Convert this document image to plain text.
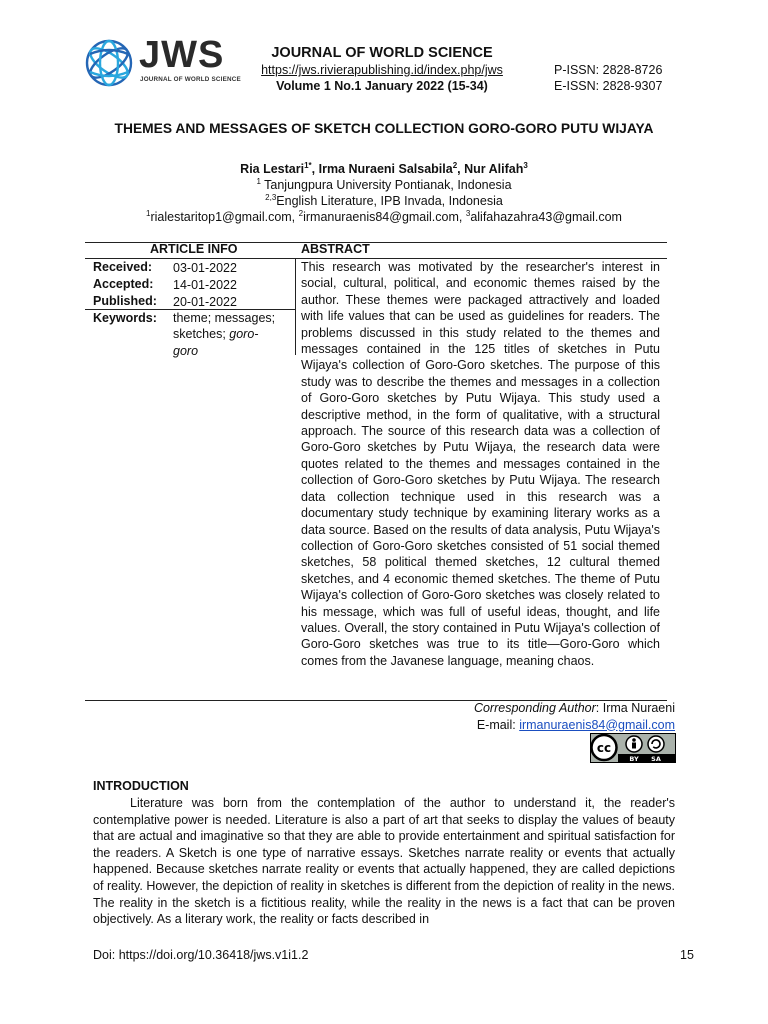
JWS
JOURNAL OF WORLD SCIENCE
JOURNAL OF WORLD SCIENCE
https://jws.rivierapublishing.id/index.php/jws
Volume 1 No.1 January 2022 (15-34)
P-ISSN: 2828-8726
E-ISSN: 2828-9307
THEMES AND MESSAGES OF SKETCH COLLECTION GORO-GORO PUTU WIJAYA
Ria Lestari$^{1*}$, Irma Nuraeni Salsabila$^2$, Nur Alifah$^3$
$^1$ Tanjungpura University Pontianak, Indonesia
$^{2,3}$English Literature, IPB Invada, Indonesia
$^1$rialestaritop1@gmail.com, $^2$irmanuraenis84@gmail.com, $^3$alifahazahra43@gmail.com
ARTICLE INFO	ABSTRACT
Received: 03-01-2022
Accepted: 14-01-2022
Published: 20-01-2022
Keywords: theme; messages; sketches; goro-goro
This research was motivated by the researcher's interest in social, cultural, political, and economic themes raised by the author. These themes were packaged attractively and loaded with life values that can be used as guidelines for readers. The problems discussed in this study related to the themes and messages contained in the 125 titles of sketches in Putu Wijaya's collection of Goro-Goro sketches. The purpose of this study was to describe the themes and messages in a collection of Goro-Goro sketches by Putu Wijaya. This study used a descriptive method, in the form of qualitative, with a structural approach. The source of this research data was a collection of Goro-Goro sketches by Putu Wijaya, the research data were quotes related to the themes and messages contained in the collection of Goro-Goro sketches by Putu Wijaya. The research data collection technique used in this research was a documentary study technique by examining literary works as a data source. Based on the results of data analysis, Putu Wijaya's collection of Goro-Goro sketches consisted of 51 social themed sketches, 58 political themed sketches, 12 cultural themed sketches, and 4 economic themed sketches. The theme of Putu Wijaya's collection of Goro-Goro sketches was closely related to his message, which was full of useful ideas, thought, and life values. Overall, the story contained in Putu Wijaya's collection of Goro-Goro sketches was true to its title—Goro-Goro which comes from the Javanese language, meaning chaos.
Corresponding Author: Irma Nuraeni
E-mail: irmanuraenis84@gmail.com
cc
BY SA
INTRODUCTION

Literature was born from the contemplation of the author to understand it, the reader's contemplative power is needed. Literature is also a part of art that seeks to display the values of beauty that are actual and imaginative so that they are able to provide entertainment and spiritual satisfaction for the readers. A Sketch is one type of narrative essays. Sketches narrate reality or events that actually happened. Because sketches narrate reality or events that actually happened, they are called depictions of reality. However, the depiction of reality in sketches is different from the depiction of reality in the news. The reality in the sketch is a fictitious reality, while the reality in the news is a fact that can be proven objectively. As a literary work, the reality or facts described in

Doi: https://doi.org/10.36418/jws.v1i1.2	15
